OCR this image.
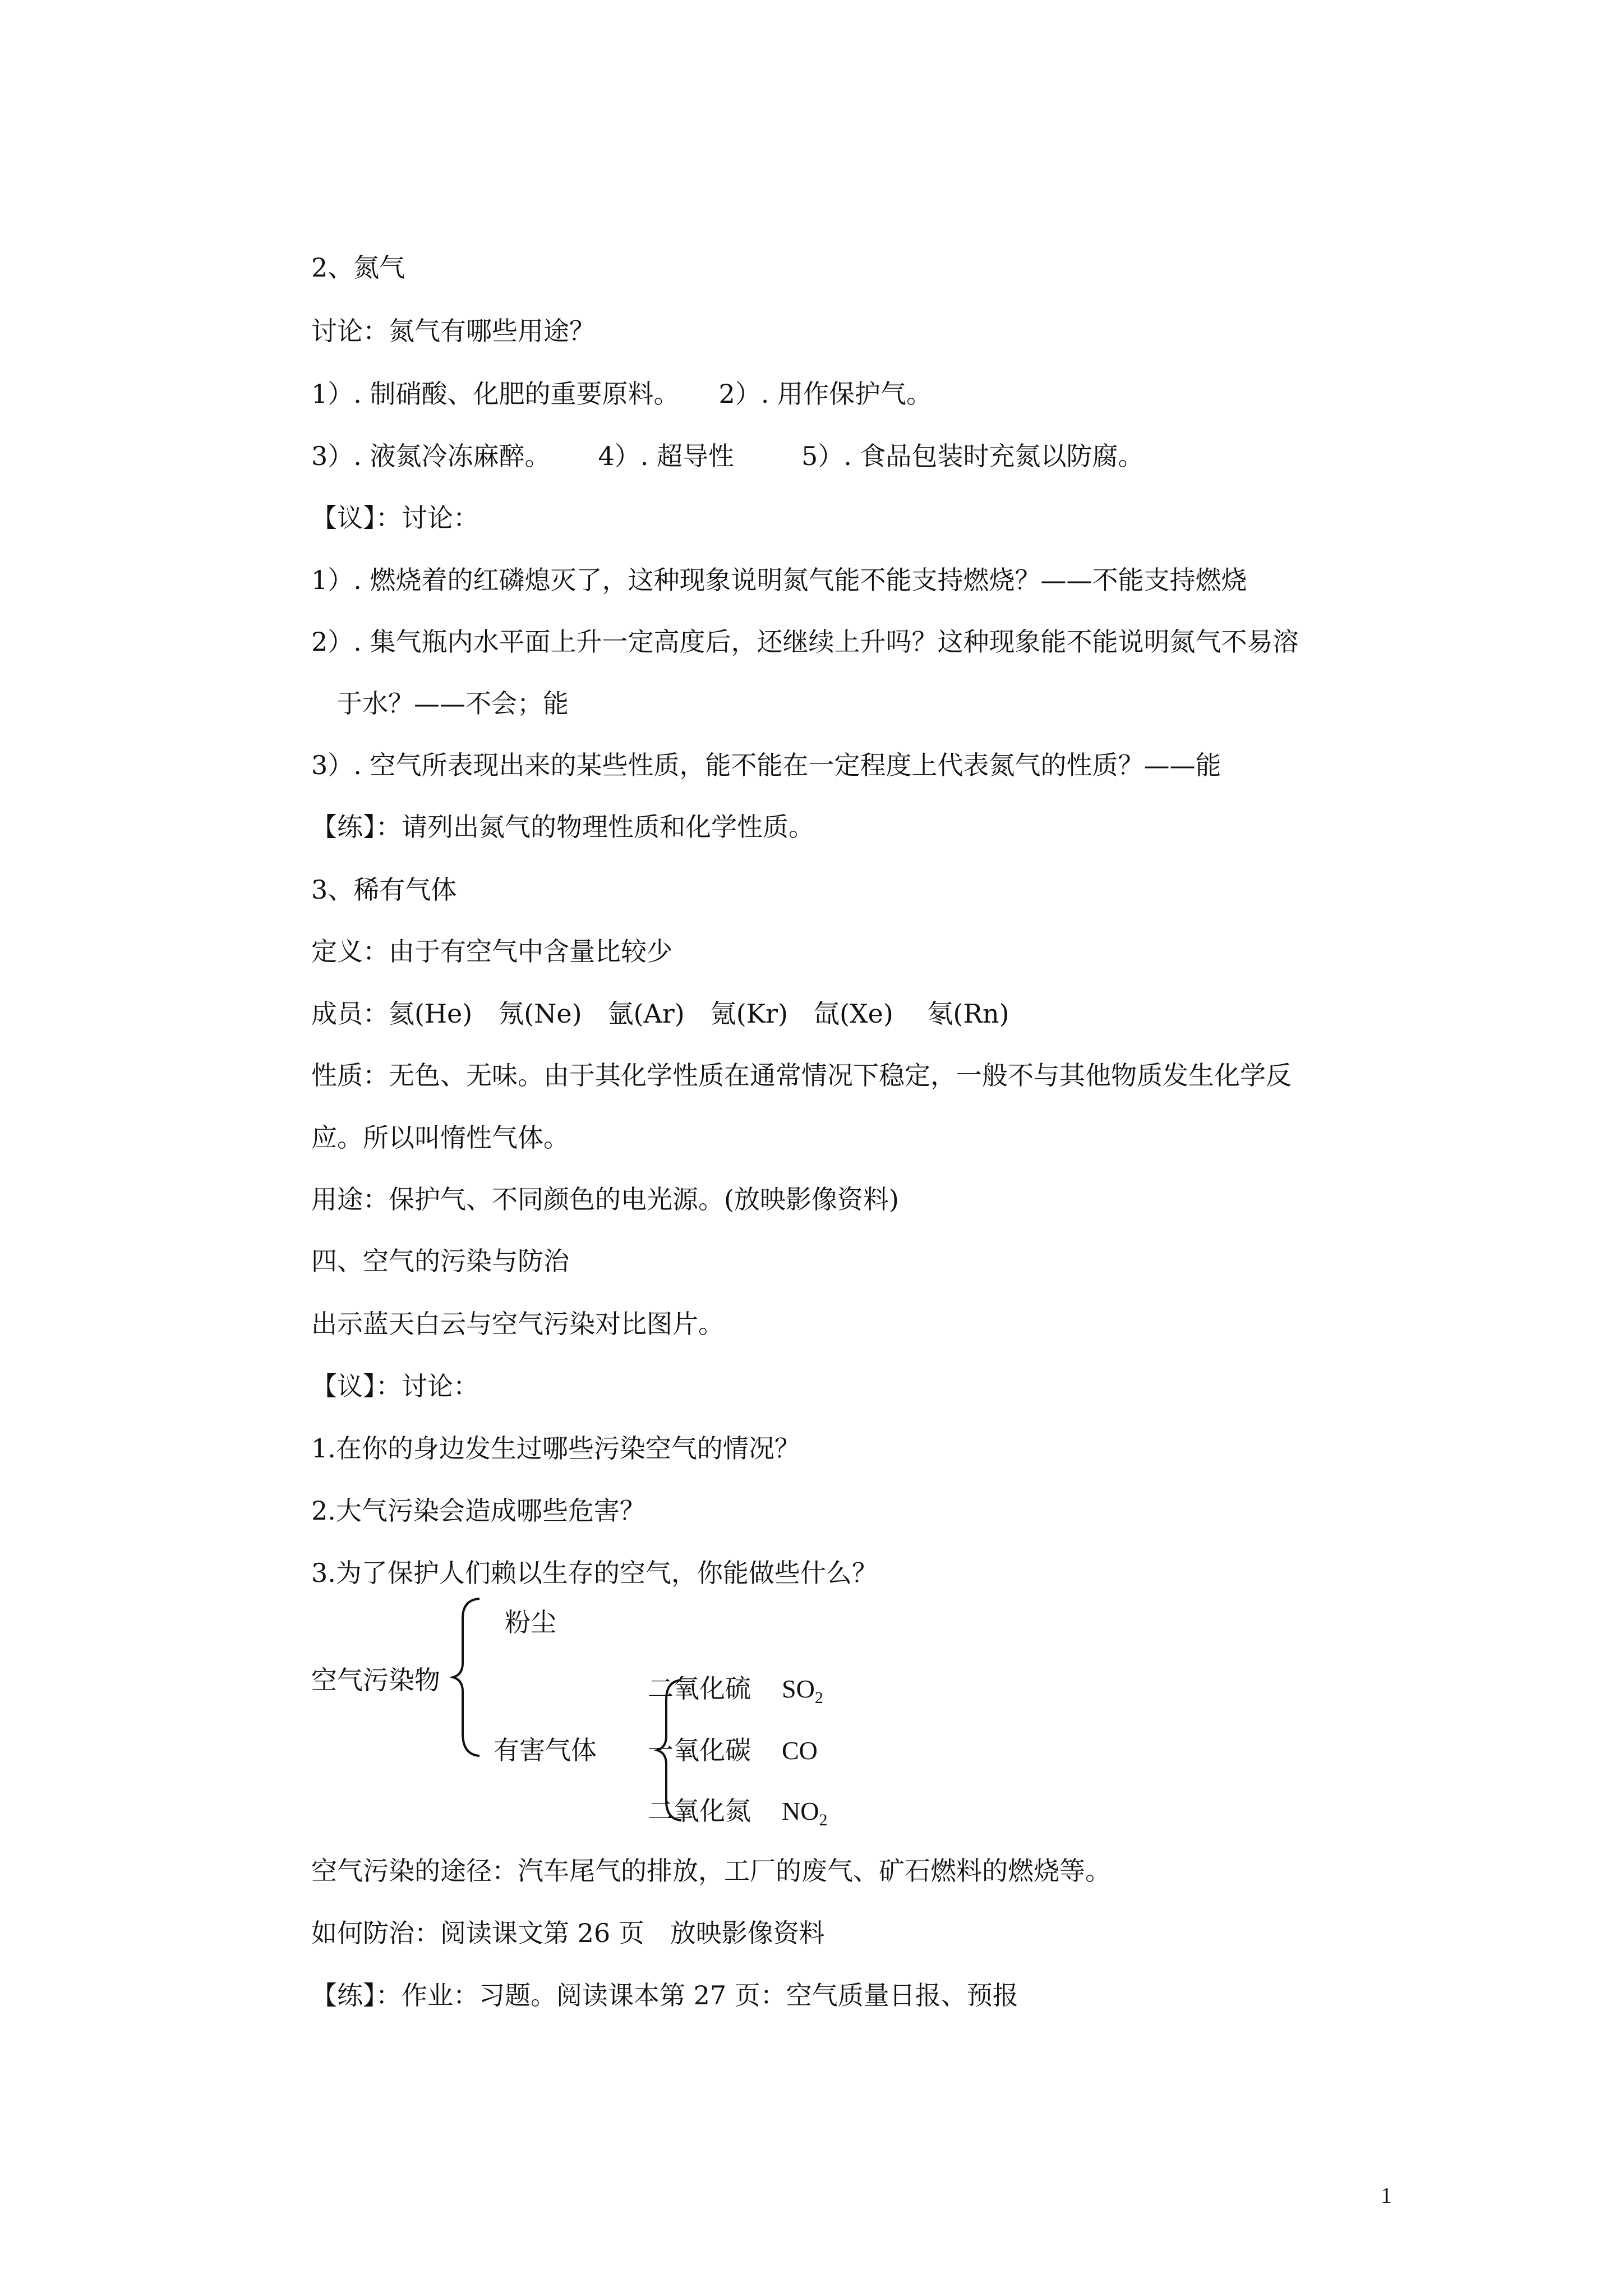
2、氮气
讨论：氮气有哪些用途？
1）. 制硝酸、化肥的重要原料。 2）. 用作保护气。
3）. 液氮冷冻麻醉。 4）. 超导性	5）. 食品包装时充氮以防腐。
【议】：讨论：
1）. 燃烧着的红磷熄灭了，这种现象说明氮气能不能支持燃烧？——不能支持燃烧
2）. 集气瓶内水平面上升一定高度后，还继续上升吗？这种现象能不能说明氮气不易溶
于水？——不会；能
3）. 空气所表现出来的某些性质，能不能在一定程度上代表氮气的性质？——能
【练】：请列出氮气的物理性质和化学性质。
3、稀有气体
定义：由于有空气中含量比较少
成员：氦(He)　氖(Ne)　氩(Ar)　氪(Kr)　氙(Xe)　 氡(Rn)
性质：无色、无味。由于其化学性质在通常情况下稳定，一般不与其他物质发生化学反
应。所以叫惰性气体。
用途：保护气、不同颜色的电光源。(放映影像资料)
四、空气的污染与防治
出示蓝天白云与空气污染对比图片。
【议】：讨论：
1.在你的身边发生过哪些污染空气的情况？
2.大气污染会造成哪些危害？
3.为了保护人们赖以生存的空气，你能做些什么？
空气污染物
粉尘
有害气体
二氧化硫 $SO_2$
一氧化碳 CO
二氧化氮 $NO_2$
空气污染的途径：汽车尾气的排放，工厂的废气、矿石燃料的燃烧等。
如何防治：阅读课文第 26 页　放映影像资料
【练】：作业：习题。阅读课本第 27 页：空气质量日报、预报
1
